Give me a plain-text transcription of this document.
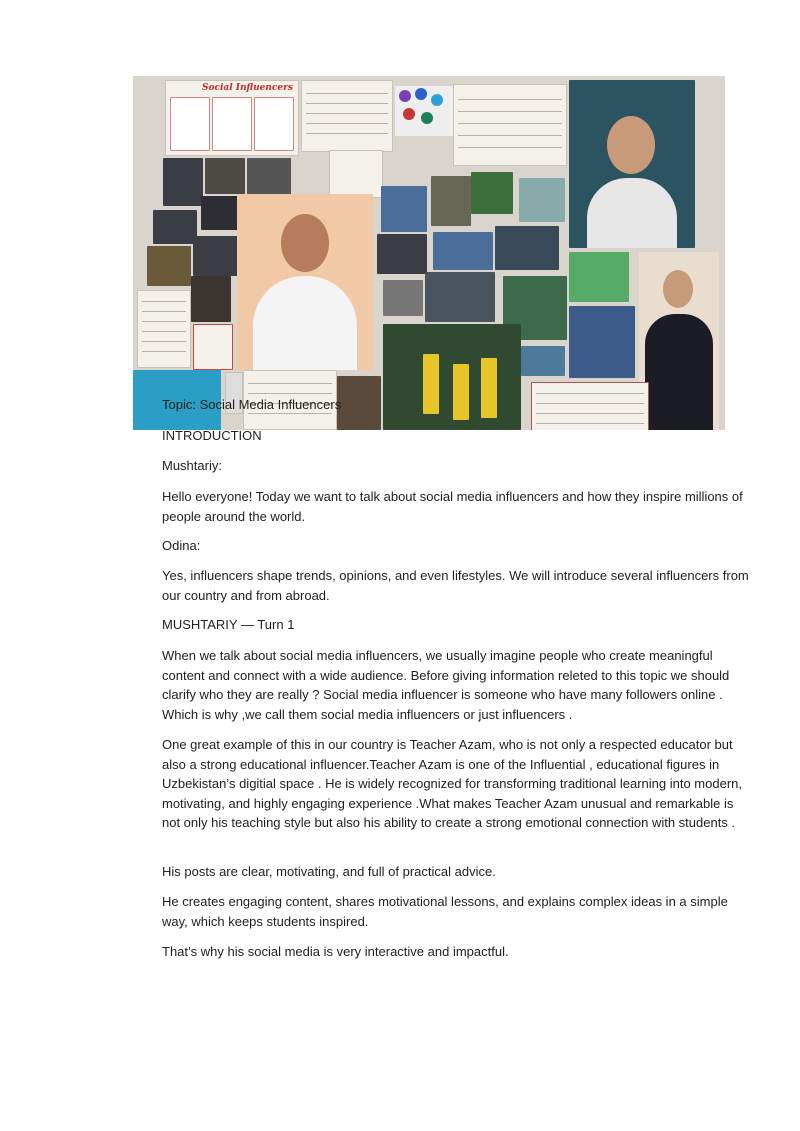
Social Influencers

Topic: Social Media Influencers

INTRODUCTION

Mushtariy:

Hello everyone! Today we want to talk about social media influencers and how they inspire millions of people around the world.

Odina:

Yes, influencers shape trends, opinions, and even lifestyles. We will introduce several influencers from our country and from abroad.

MUSHTARIY — Turn 1

When we talk about social media influencers, we usually imagine people who create meaningful content and connect with a wide audience. Before giving information releted to this topic we should clarify who they are really ? Social media influencer is someone who have many followers online . Which is why ,we call them social media influencers or just influencers .

One great example of this in our country is Teacher Azam, who is not only a respected educator but also a strong educational influencer.Teacher Azam is one of the Influential , educational figures in Uzbekistan’s digitial space . He is widely recognized for transforming traditional learning into modern, motivating, and highly engaging experience .What makes Teacher Azam unusual and remarkable is not only his teaching style but also his ability to create a strong emotional connection with students .

His posts are clear, motivating, and full of practical advice.

He creates engaging content, shares motivational lessons, and explains complex ideas in a simple way, which keeps students inspired.

That’s why his social media is very interactive and impactful.
